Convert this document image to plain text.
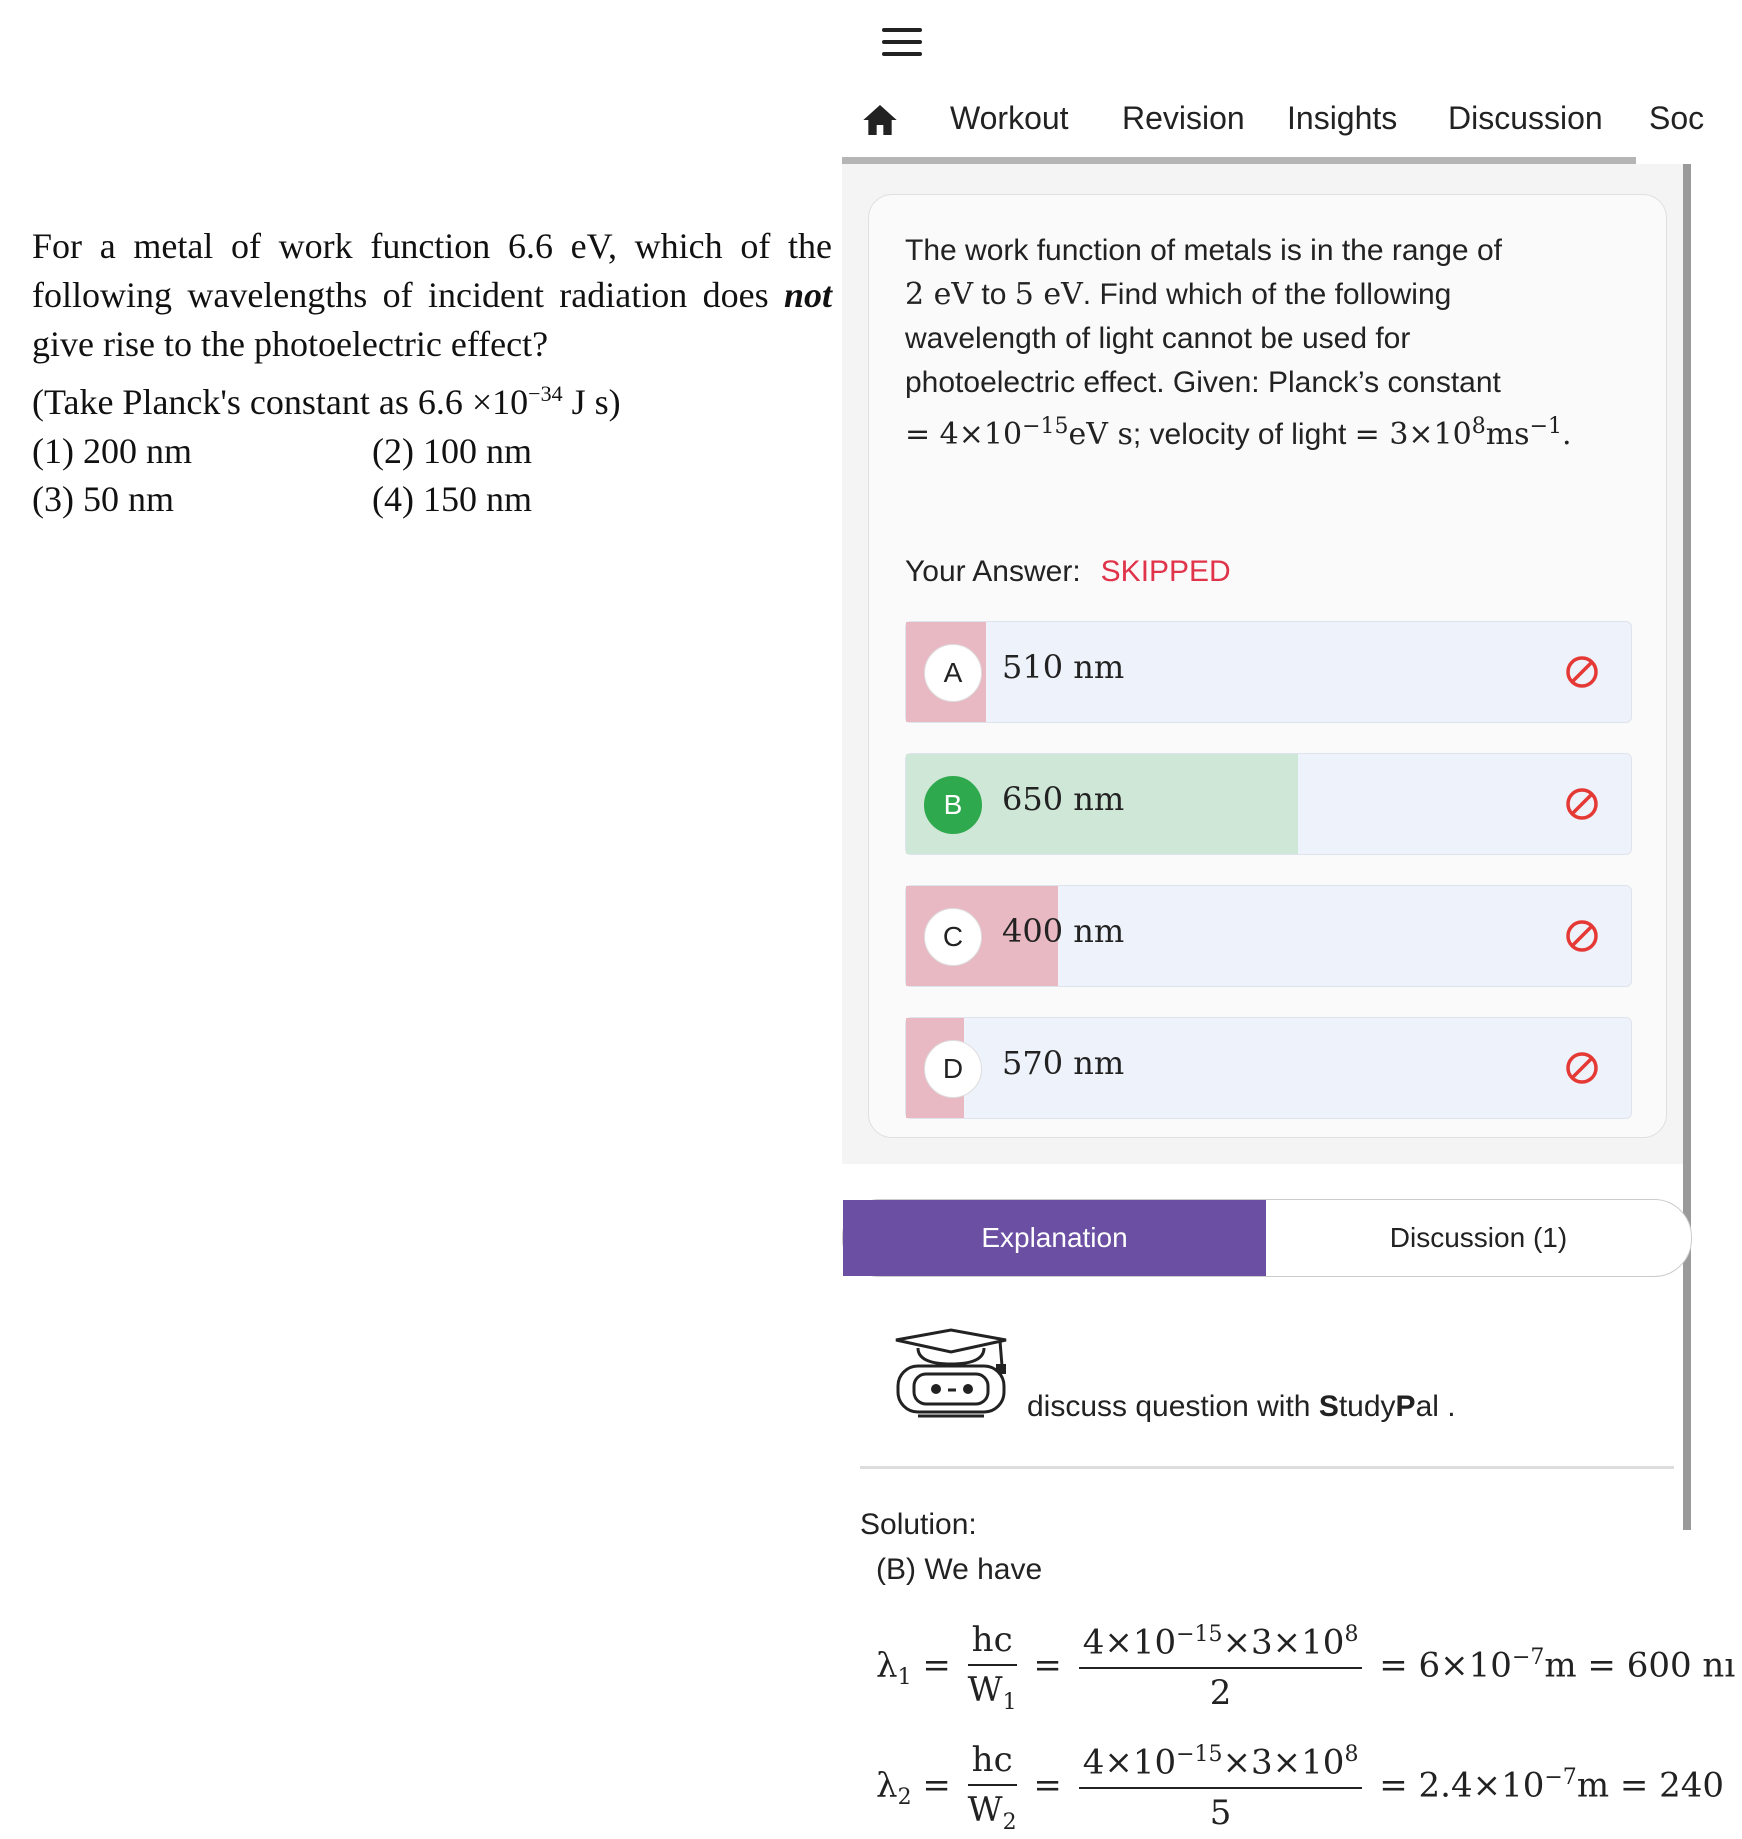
For a metal of work function 6.6 eV, which of the following wavelengths of incident radiation does not give rise to the photoelectric effect?
(Take Planck's constant as $6.6 \times 10^{-34}$ J s)
(1) 200 nm	(2) 100 nm
(3) 50 nm	(4) 150 nm
Workout Revision Insights Discussion Soc
The work function of metals is in the range of
2 eV to 5 eV. Find which of the following
wavelength of light cannot be used for
photoelectric effect. Given: Planck’s constant
= $4\times 10^{-15}eV$ s; velocity of light = $3\times 10^8ms^{-1}$.
Your Answer: SKIPPED
A	510 nm
B	650 nm
C	400 nm
D	570 nm
Explanation	Discussion (1)
discuss question with StudyPal .
Solution:
(B) We have
$\lambda_1 = \frac{hc}{W_1} = \frac{4\times 10^{-15}\times 3\times 10^8}{2} = 6\times 10^{-7}m = 600$ nı
$\lambda_2 = \frac{hc}{W_2} = \frac{4\times 10^{-15}\times 3\times 10^8}{5} = 2.4\times 10^{-7}m = 240$
